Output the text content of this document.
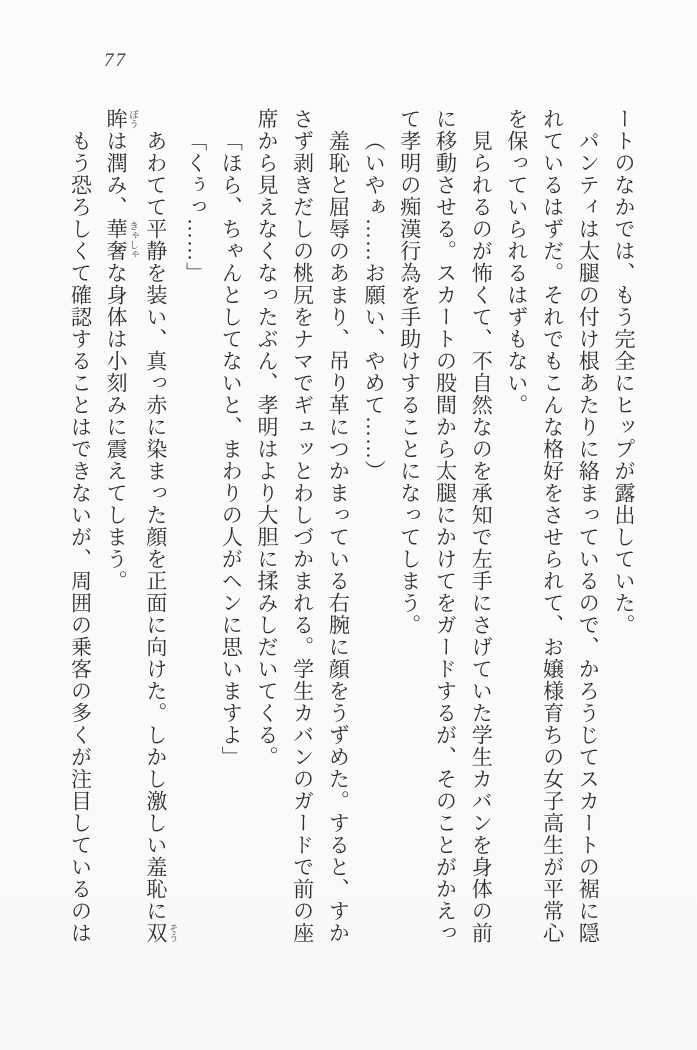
77
ートのなかでは、もう完全にヒップが露出していた。
パンティは太腿の付け根あたりに絡まっているので、かろうじてスカートの裾に隠
れているはずだ。それでもこんな格好をさせられて、お嬢様育ちの女子高生が平常心
を保っていられるはずもない。
見られるのが怖くて、不自然なのを承知で左手にさげていた学生カバンを身体の前
に移動させる。スカートの股間から太腿にかけてをガードするが、そのことがかえっ
て孝明の痴漢行為を手助けすることになってしまう。
（いやぁ……お願い、やめて……）
羞恥と屈辱のあまり、吊り革につかまっている右腕に顔をうずめた。すると、すか
さず剥きだしの桃尻をナマでギュッとわしづかまれる。学生カバンのガードで前の座
席から見えなくなったぶん、孝明はより大胆に揉みしだいてくる。
「ほら、ちゃんとしてないと、まわりの人がヘンに思いますよ」
「くぅっ……」
あわてて平静を装い、真っ赤に染まった顔を正面に向けた。しかし激しい羞恥に双 そう
眸 ぼうは潤み、華奢 きゃしゃな身体は小刻みに震えてしまう。
もう恐ろしくて確認することはできないが、周囲の乗客の多くが注目しているのは
